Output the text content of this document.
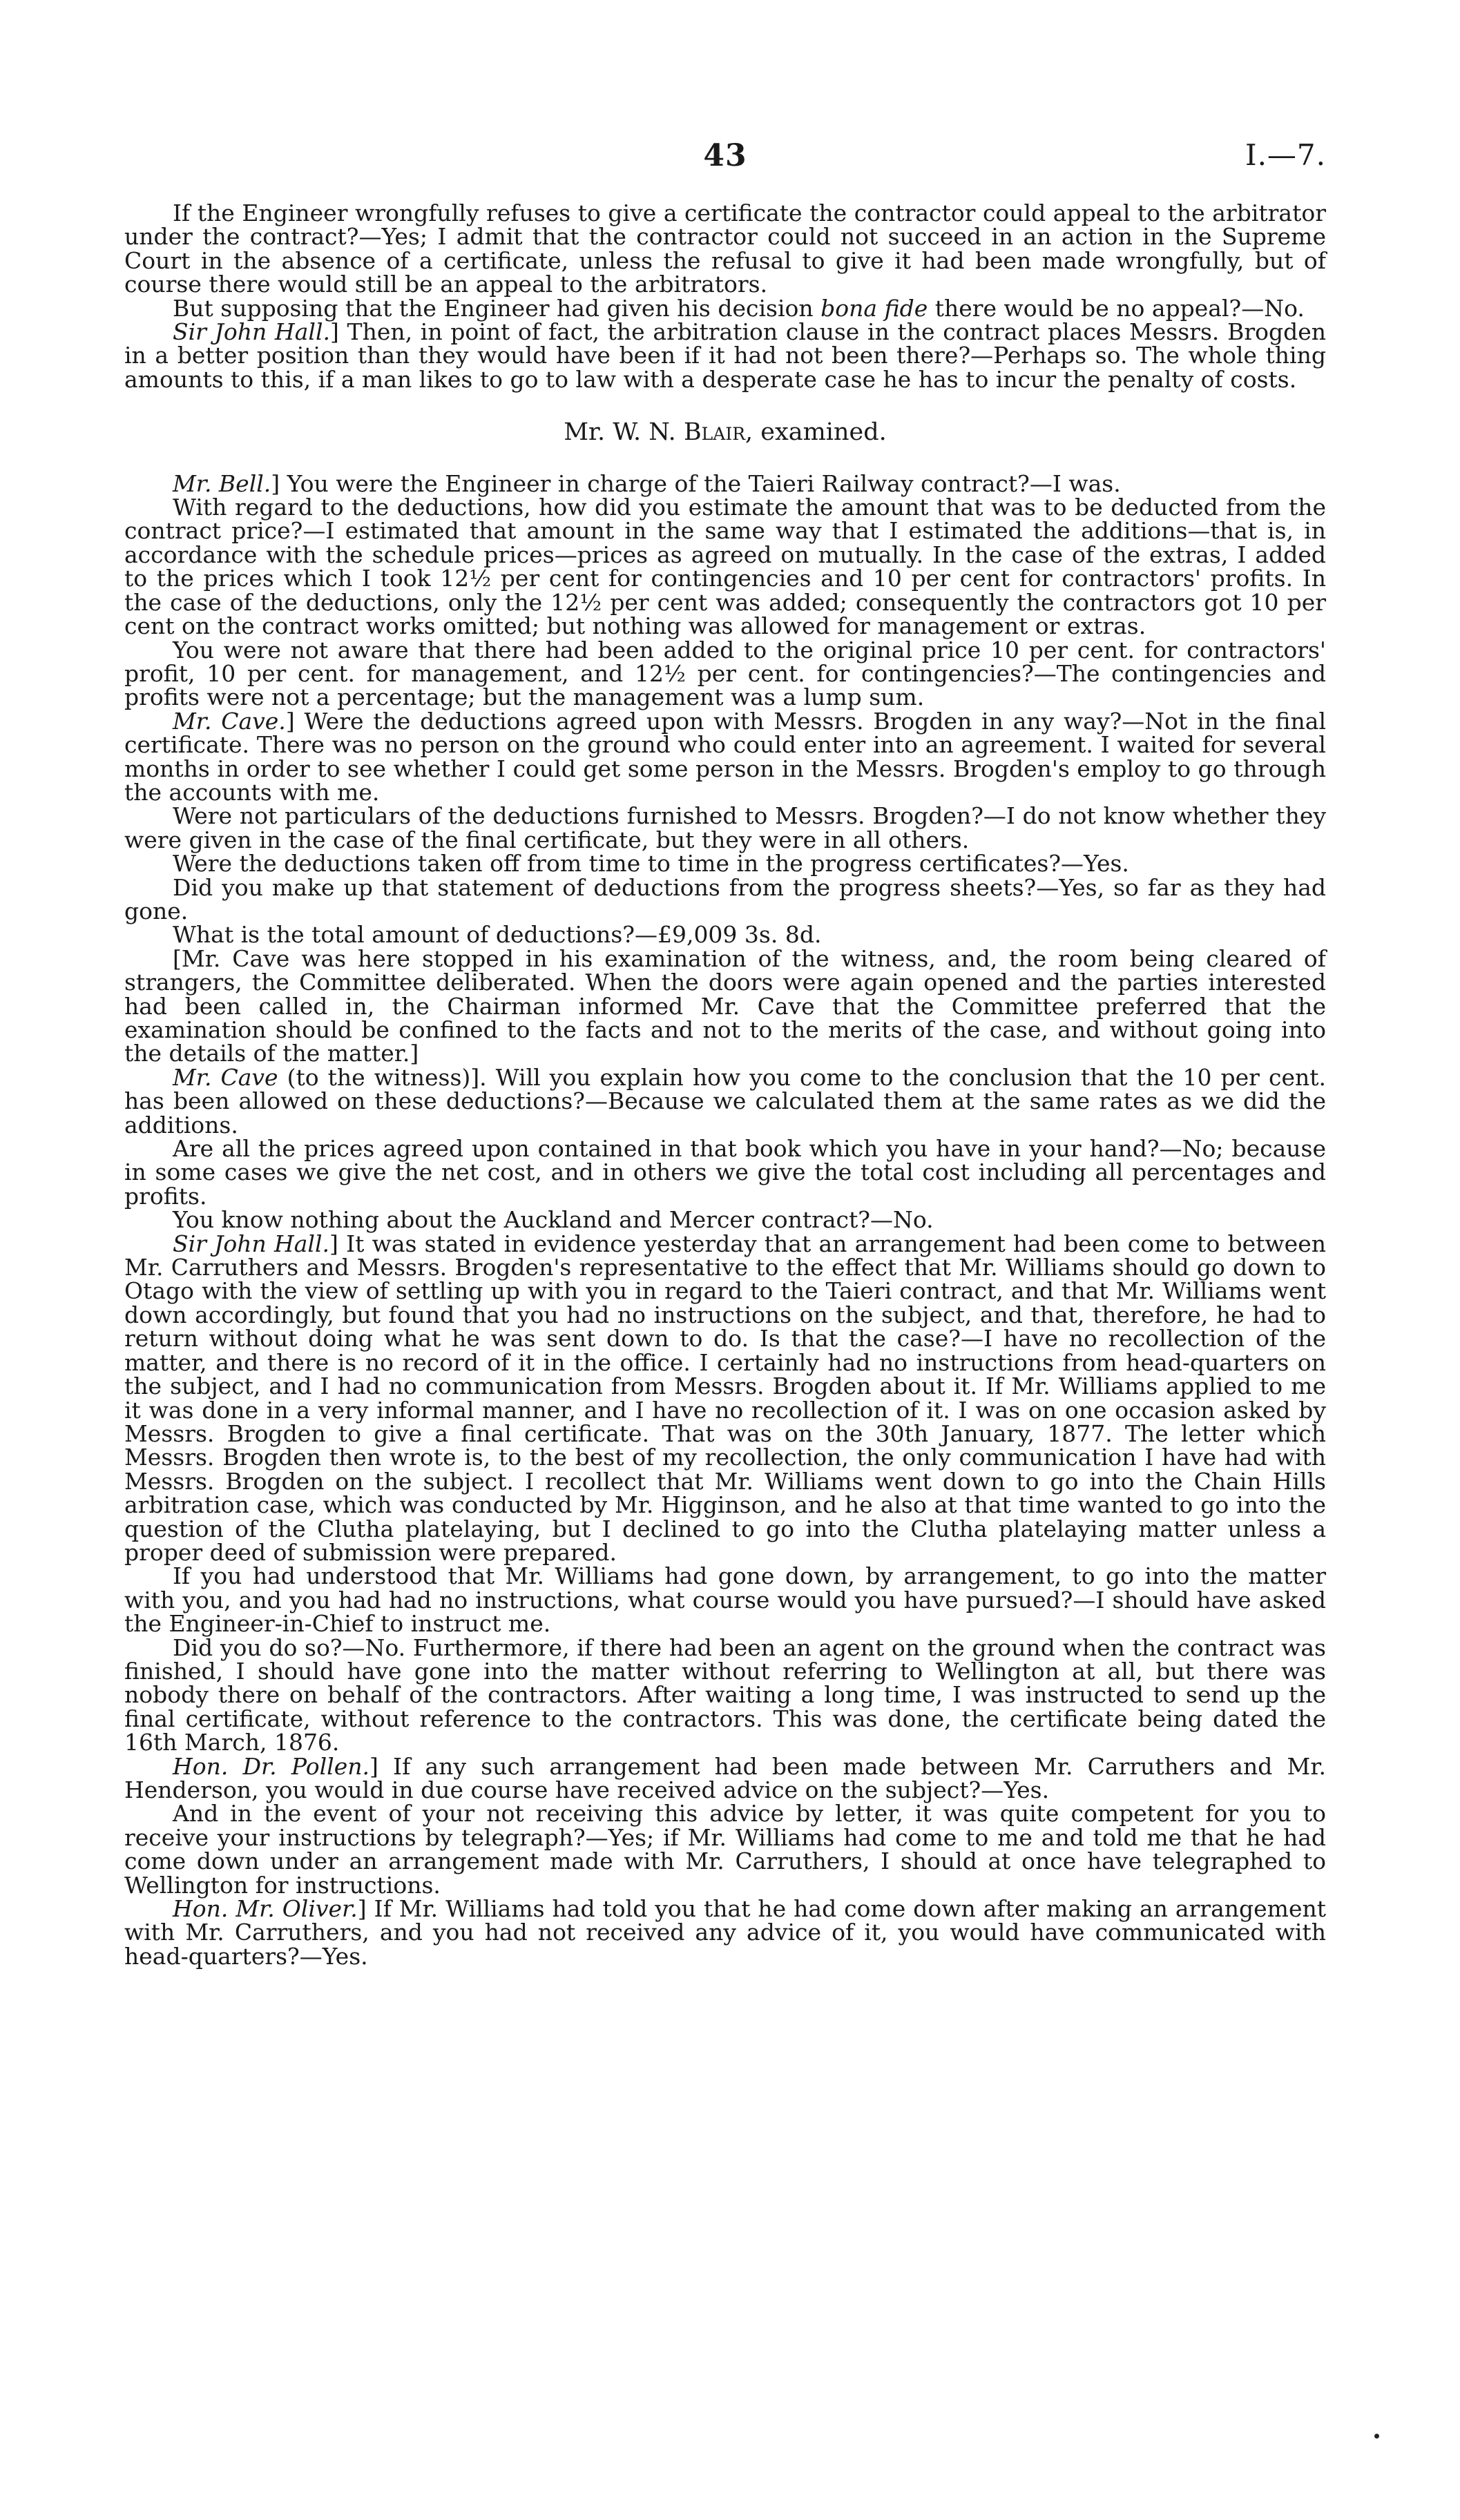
43	I.—7.

If the Engineer wrongfully refuses to give a certificate the contractor could appeal to the arbitrator under the contract?—Yes; I admit that the contractor could not succeed in an action in the Supreme Court in the absence of a certificate, unless the refusal to give it had been made wrongfully, but of course there would still be an appeal to the arbitrators.

But supposing that the Engineer had given his decision bona fide there would be no appeal?—No.

Sir John Hall.] Then, in point of fact, the arbitration clause in the contract places Messrs. Brogden in a better position than they would have been if it had not been there?—Perhaps so. The whole thing amounts to this, if a man likes to go to law with a desperate case he has to incur the penalty of costs.

Mr. W. N. Blair, examined.

Mr. Bell.] You were the Engineer in charge of the Taieri Railway contract?—I was.

With regard to the deductions, how did you estimate the amount that was to be deducted from the contract price?—I estimated that amount in the same way that I estimated the additions—that is, in accordance with the schedule prices—prices as agreed on mutually. In the case of the extras, I added to the prices which I took 12½ per cent for contingencies and 10 per cent for contractors' profits. In the case of the deductions, only the 12½ per cent was added; consequently the contractors got 10 per cent on the contract works omitted; but nothing was allowed for management or extras.

You were not aware that there had been added to the original price 10 per cent. for contractors' profit, 10 per cent. for management, and 12½ per cent. for contingencies?—The contingencies and profits were not a percentage; but the management was a lump sum.

Mr. Cave.] Were the deductions agreed upon with Messrs. Brogden in any way?—Not in the final certificate. There was no person on the ground who could enter into an agreement. I waited for several months in order to see whether I could get some person in the Messrs. Brogden's employ to go through the accounts with me.

Were not particulars of the deductions furnished to Messrs. Brogden?—I do not know whether they were given in the case of the final certificate, but they were in all others.

Were the deductions taken off from time to time in the progress certificates?—Yes.

Did you make up that statement of deductions from the progress sheets?—Yes, so far as they had gone.

What is the total amount of deductions?—£9,009 3s. 8d.

[Mr. Cave was here stopped in his examination of the witness, and, the room being cleared of strangers, the Committee deliberated. When the doors were again opened and the parties interested had been called in, the Chairman informed Mr. Cave that the Committee preferred that the examination should be confined to the facts and not to the merits of the case, and without going into the details of the matter.]

Mr. Cave (to the witness)]. Will you explain how you come to the conclusion that the 10 per cent. has been allowed on these deductions?—Because we calculated them at the same rates as we did the additions.

Are all the prices agreed upon contained in that book which you have in your hand?—No; because in some cases we give the net cost, and in others we give the total cost including all percentages and profits.

You know nothing about the Auckland and Mercer contract?—No.

Sir John Hall.] It was stated in evidence yesterday that an arrangement had been come to between Mr. Carruthers and Messrs. Brogden's representative to the effect that Mr. Williams should go down to Otago with the view of settling up with you in regard to the Taieri contract, and that Mr. Williams went down accordingly, but found that you had no instructions on the subject, and that, therefore, he had to return without doing what he was sent down to do. Is that the case?—I have no recollection of the matter, and there is no record of it in the office. I certainly had no instructions from head-quarters on the subject, and I had no communication from Messrs. Brogden about it. If Mr. Williams applied to me it was done in a very informal manner, and I have no recollection of it. I was on one occasion asked by Messrs. Brogden to give a final certificate. That was on the 30th January, 1877. The letter which Messrs. Brogden then wrote is, to the best of my recollection, the only communication I have had with Messrs. Brogden on the subject. I recollect that Mr. Williams went down to go into the Chain Hills arbitration case, which was conducted by Mr. Higginson, and he also at that time wanted to go into the question of the Clutha platelaying, but I declined to go into the Clutha platelaying matter unless a proper deed of submission were prepared.

If you had understood that Mr. Williams had gone down, by arrangement, to go into the matter with you, and you had had no instructions, what course would you have pursued?—I should have asked the Engineer-in-Chief to instruct me.

Did you do so?—No. Furthermore, if there had been an agent on the ground when the contract was finished, I should have gone into the matter without referring to Wellington at all, but there was nobody there on behalf of the contractors. After waiting a long time, I was instructed to send up the final certificate, without reference to the contractors. This was done, the certificate being dated the 16th March, 1876.

Hon. Dr. Pollen.] If any such arrangement had been made between Mr. Carruthers and Mr. Henderson, you would in due course have received advice on the subject?—Yes.

And in the event of your not receiving this advice by letter, it was quite competent for you to receive your instructions by telegraph?—Yes; if Mr. Williams had come to me and told me that he had come down under an arrangement made with Mr. Carruthers, I should at once have telegraphed to Wellington for instructions.

Hon. Mr. Oliver.] If Mr. Williams had told you that he had come down after making an arrangement with Mr. Carruthers, and you had not received any advice of it, you would have communicated with head-quarters?—Yes.
